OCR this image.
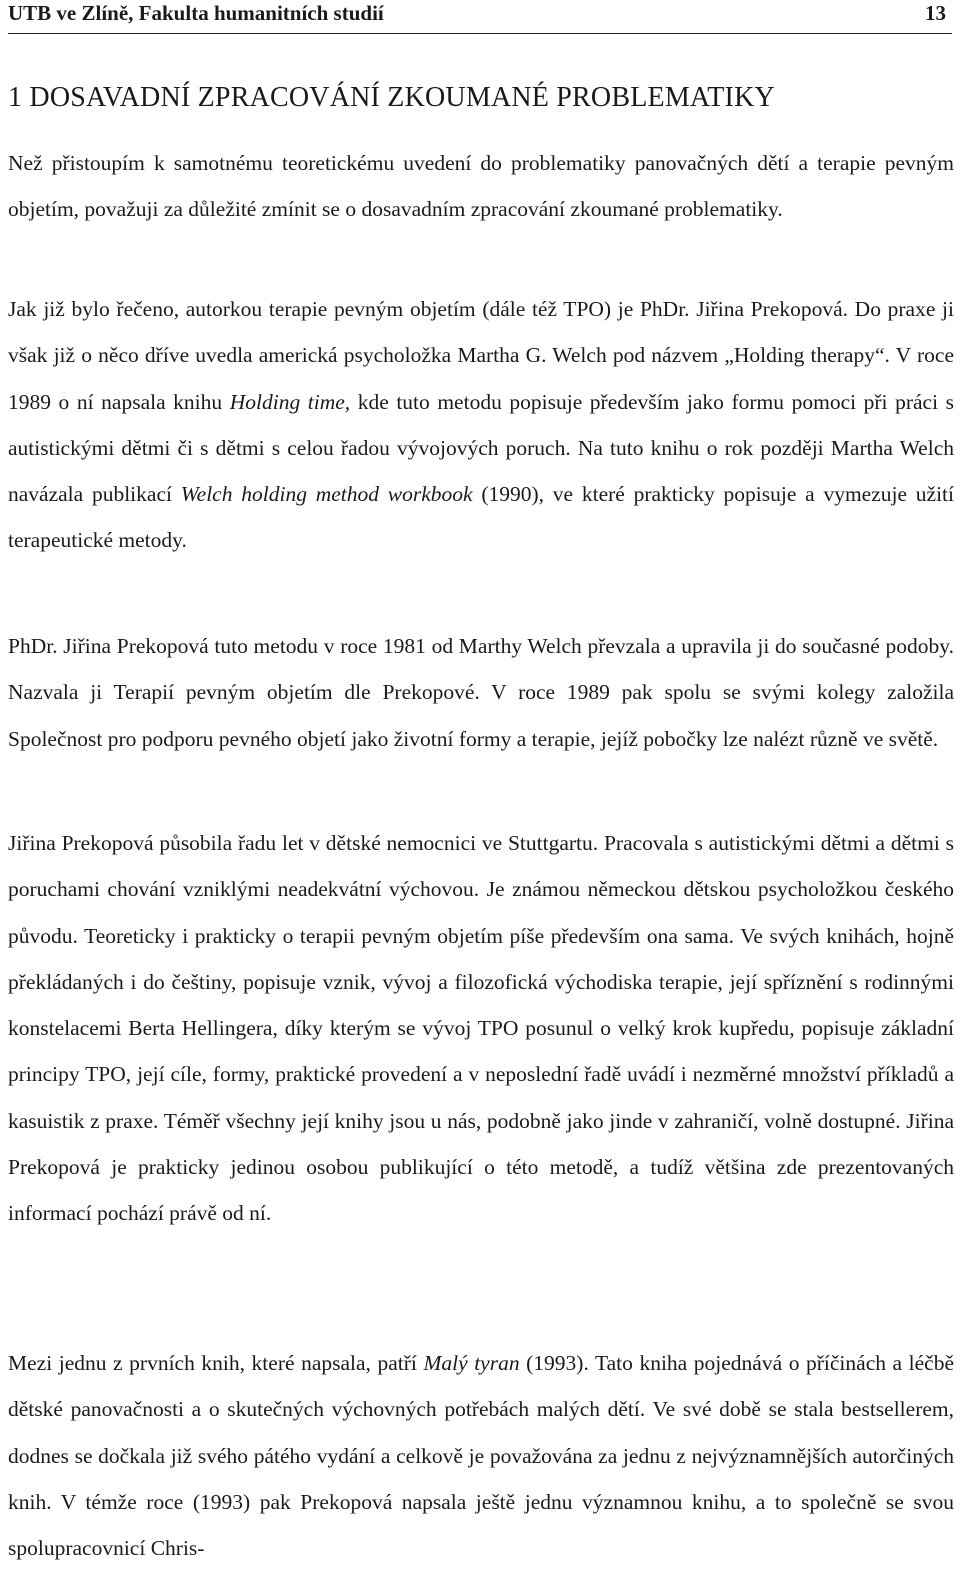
UTB ve Zlíně, Fakulta humanitních studií	13
1 DOSAVADNÍ ZPRACOVÁNÍ ZKOUMANÉ PROBLEMATIKY

Než přistoupím k samotnému teoretickému uvedení do problematiky panovačných dětí a terapie pevným objetím, považuji za důležité zmínit se o dosavadním zpracování zkoumané problematiky.

Jak již bylo řečeno, autorkou terapie pevným objetím (dále též TPO) je PhDr. Jiřina Prekopová. Do praxe ji však již o něco dříve uvedla americká psycholožka Martha G. Welch pod názvem „Holding therapy“. V roce 1989 o ní napsala knihu Holding time, kde tuto metodu popisuje především jako formu pomoci při práci s autistickými dětmi či s dětmi s celou řadou vývojových poruch. Na tuto knihu o rok později Martha Welch navázala publikací Welch holding method workbook (1990), ve které prakticky popisuje a vymezuje užití terapeutické metody.

PhDr. Jiřina Prekopová tuto metodu v roce 1981 od Marthy Welch převzala a upravila ji do současné podoby. Nazvala ji Terapií pevným objetím dle Prekopové. V roce 1989 pak spolu se svými kolegy založila Společnost pro podporu pevného objetí jako životní formy a terapie, jejíž pobočky lze nalézt různě ve světě.

Jiřina Prekopová působila řadu let v dětské nemocnici ve Stuttgartu. Pracovala s autistickými dětmi a dětmi s poruchami chování vzniklými neadekvátní výchovou. Je známou německou dětskou psycholožkou českého původu. Teoreticky i prakticky o terapii pevným objetím píše především ona sama. Ve svých knihách, hojně překládaných i do češtiny, popisuje vznik, vývoj a filozofická východiska terapie, její spříznění s rodinnými konstelacemi Berta Hellingera, díky kterým se vývoj TPO posunul o velký krok kupředu, popisuje základní principy TPO, její cíle, formy, praktické provedení a v neposlední řadě uvádí i nezměrné množství příkladů a kasuistik z praxe. Téměř všechny její knihy jsou u nás, podobně jako jinde v zahraničí, volně dostupné. Jiřina Prekopová je prakticky jedinou osobou publikující o této metodě, a tudíž většina zde prezentovaných informací pochází právě od ní.

Mezi jednu z prvních knih, které napsala, patří Malý tyran (1993). Tato kniha pojednává o příčinách a léčbě dětské panovačnosti a o skutečných výchovných potřebách malých dětí. Ve své době se stala bestsellerem, dodnes se dočkala již svého pátého vydání a celkově je považována za jednu z nejvýznamnějších autorčiných knih. V témže roce (1993) pak Prekopová napsala ještě jednu významnou knihu, a to společně se svou spolupracovnicí Chris-
